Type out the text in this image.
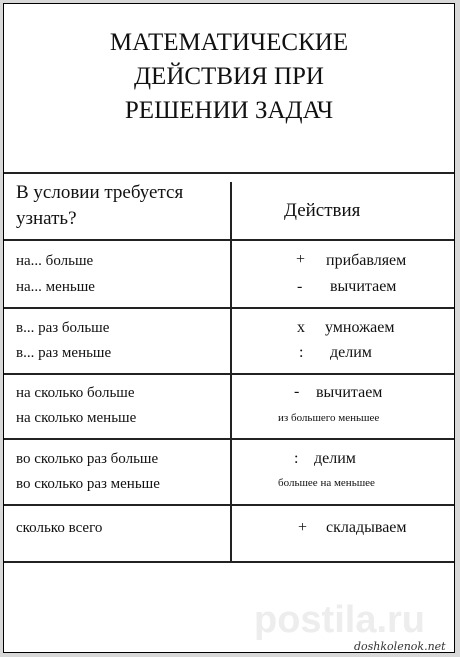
МАТЕМАТИЧЕСКИЕ
ДЕЙСТВИЯ ПРИ
РЕШЕНИИ ЗАДАЧ
В условии требуется
узнать?	Действия
на... больше
на... меньше
+
-
прибавляем
вычитаем
в... раз больше
в... раз меньше
х
:
умножаем
делим
на сколько больше
на сколько меньше
- вычитаем
из большего меньшее
во сколько раз больше
во сколько раз меньше
: делим
большее на меньшее
сколько всего	+ складываем
postila.ru
doshkolenok.net
